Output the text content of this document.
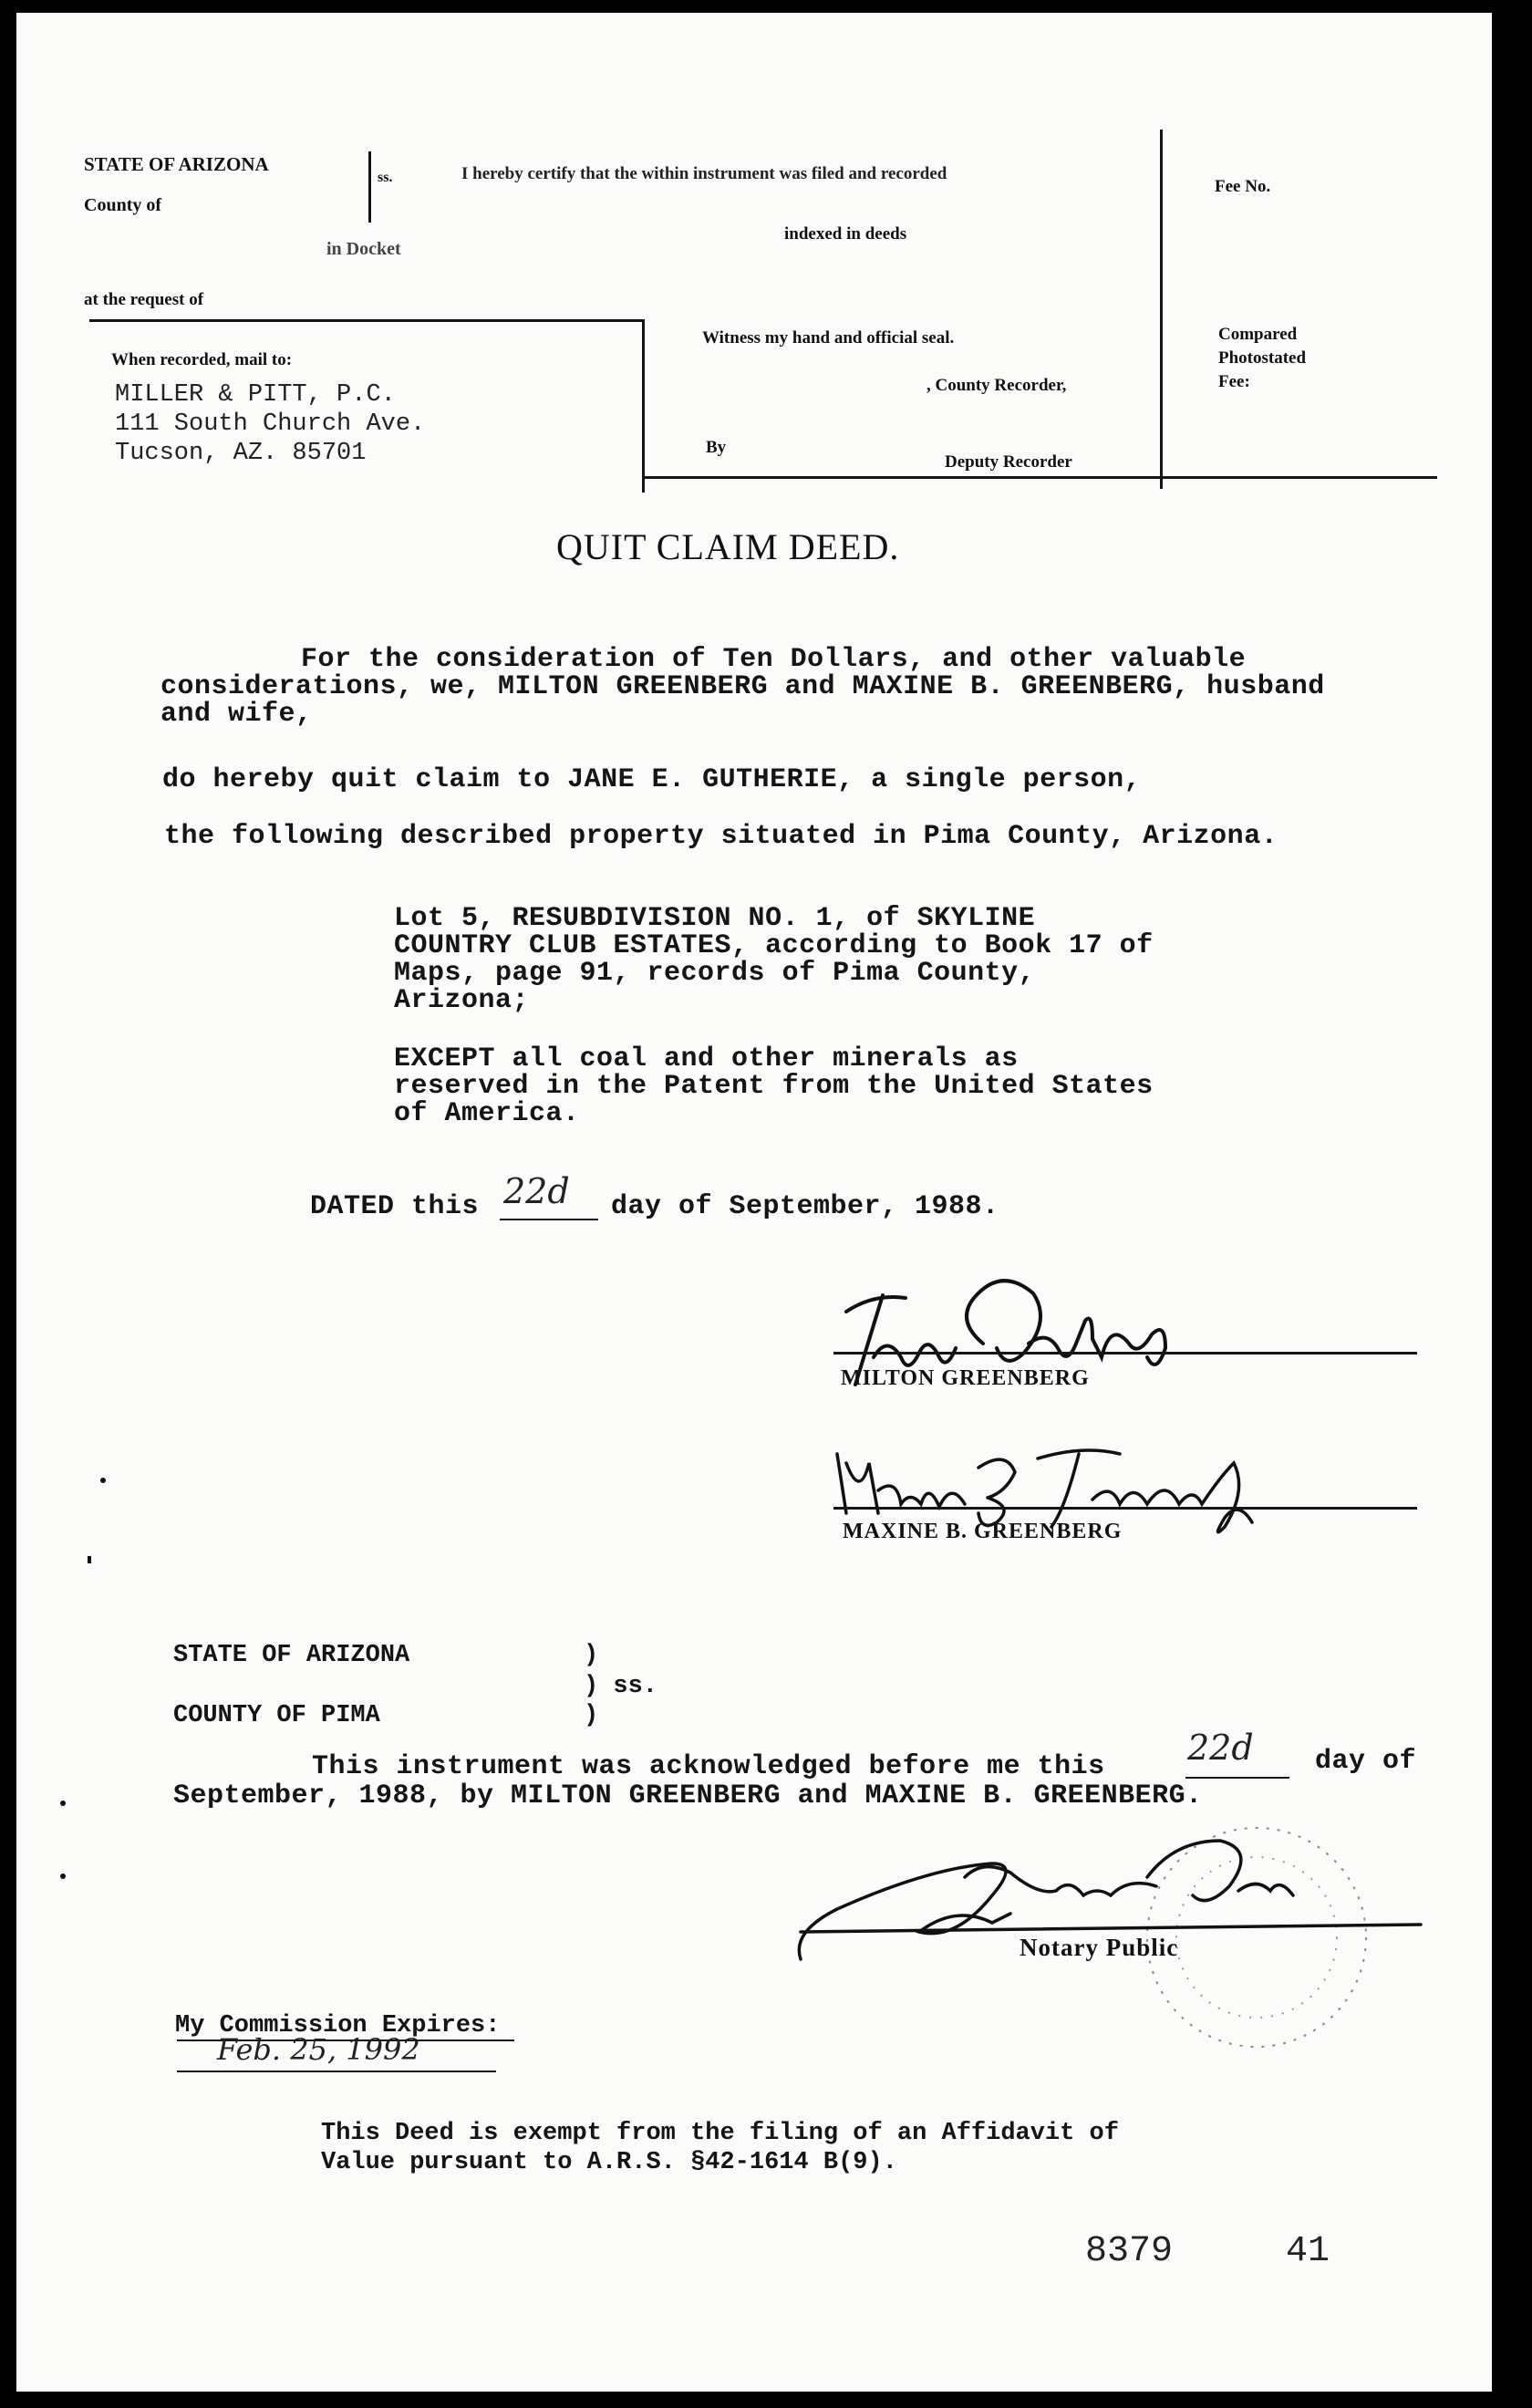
STATE OF ARIZONA
County of
ss.	I hereby certify that the within instrument was filed and recorded
in Docket
indexed in deeds
at the request of
Fee No.
Compared
Photostated
Fee:
When recorded, mail to:
MILLER & PITT, P.C.
111 South Church Ave.
Tucson, AZ. 85701
Witness my hand and official seal.
, County Recorder,
By
Deputy Recorder
QUIT CLAIM DEED.
For the consideration of Ten Dollars, and other valuable
considerations, we, MILTON GREENBERG and MAXINE B. GREENBERG, husband
and wife,
do hereby quit claim to JANE E. GUTHERIE, a single person,
the following described property situated in Pima County, Arizona.
Lot 5, RESUBDIVISION NO. 1, of SKYLINE
COUNTRY CLUB ESTATES, according to Book 17 of
Maps, page 91, records of Pima County,
Arizona;
EXCEPT all coal and other minerals as
reserved in the Patent from the United States
of America.
DATED this 22d day of September, 1988.
MILTON GREENBERG
MAXINE B. GREENBERG
STATE OF ARIZONA
COUNTY OF PIMA
)
) ss.
)
This instrument was acknowledged before me this 22d day of
September, 1988, by MILTON GREENBERG and MAXINE B. GREENBERG.
Notary Public
My Commission Expires:
Feb. 25, 1992
This Deed is exempt from the filing of an Affidavit of
Value pursuant to A.R.S. §42-1614 B(9).
8379	41
